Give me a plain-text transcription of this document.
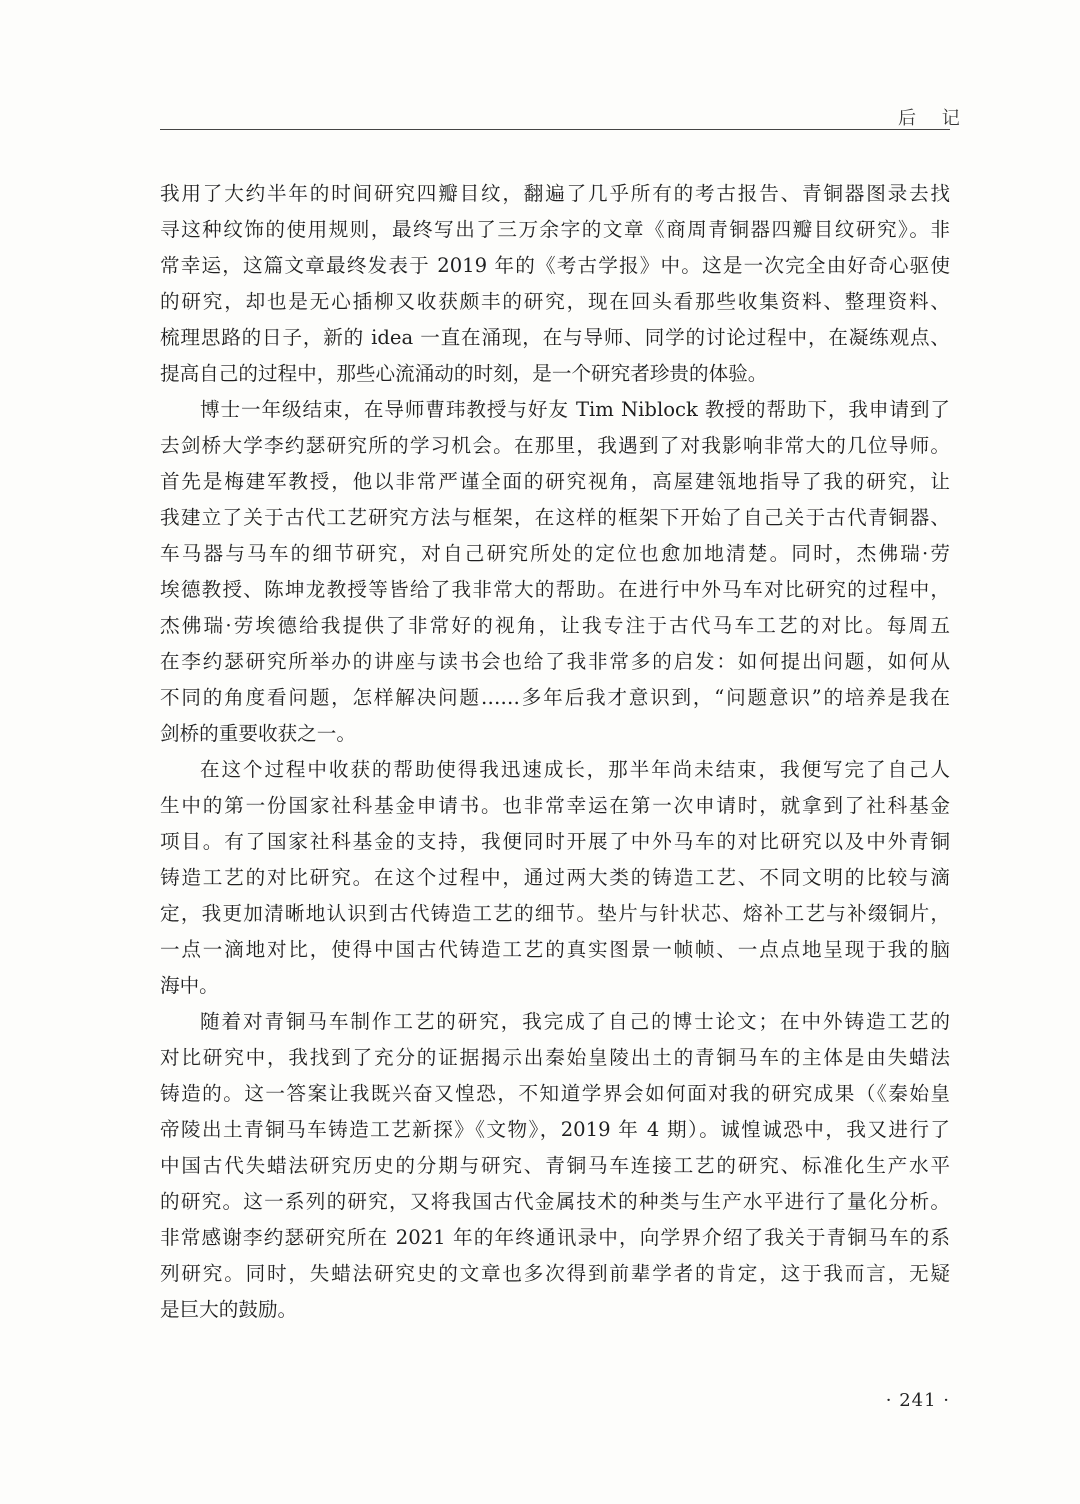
后 记
我用了大约半年的时间研究四瓣目纹，翻遍了几乎所有的考古报告、青铜器图录去找
寻这种纹饰的使用规则，最终写出了三万余字的文章《商周青铜器四瓣目纹研究》。非
常幸运，这篇文章最终发表于 2019 年的《考古学报》中。这是一次完全由好奇心驱使
的研究，却也是无心插柳又收获颇丰的研究，现在回头看那些收集资料、整理资料、
梳理思路的日子，新的 idea 一直在涌现，在与导师、同学的讨论过程中，在凝练观点、
提高自己的过程中，那些心流涌动的时刻，是一个研究者珍贵的体验。
博士一年级结束，在导师曹玮教授与好友 Tim Niblock 教授的帮助下，我申请到了
去剑桥大学李约瑟研究所的学习机会。在那里，我遇到了对我影响非常大的几位导师。
首先是梅建军教授，他以非常严谨全面的研究视角，高屋建瓴地指导了我的研究，让
我建立了关于古代工艺研究方法与框架，在这样的框架下开始了自己关于古代青铜器、
车马器与马车的细节研究，对自己研究所处的定位也愈加地清楚。同时，杰佛瑞·劳
埃德教授、陈坤龙教授等皆给了我非常大的帮助。在进行中外马车对比研究的过程中，
杰佛瑞·劳埃德给我提供了非常好的视角，让我专注于古代马车工艺的对比。每周五
在李约瑟研究所举办的讲座与读书会也给了我非常多的启发：如何提出问题，如何从
不同的角度看问题，怎样解决问题……多年后我才意识到，“问题意识”的培养是我在
剑桥的重要收获之一。
在这个过程中收获的帮助使得我迅速成长，那半年尚未结束，我便写完了自己人
生中的第一份国家社科基金申请书。也非常幸运在第一次申请时，就拿到了社科基金
项目。有了国家社科基金的支持，我便同时开展了中外马车的对比研究以及中外青铜
铸造工艺的对比研究。在这个过程中，通过两大类的铸造工艺、不同文明的比较与滴
定，我更加清晰地认识到古代铸造工艺的细节。垫片与针状芯、熔补工艺与补缀铜片，
一点一滴地对比，使得中国古代铸造工艺的真实图景一帧帧、一点点地呈现于我的脑
海中。
随着对青铜马车制作工艺的研究，我完成了自己的博士论文；在中外铸造工艺的
对比研究中，我找到了充分的证据揭示出秦始皇陵出土的青铜马车的主体是由失蜡法
铸造的。这一答案让我既兴奋又惶恐，不知道学界会如何面对我的研究成果（《秦始皇
帝陵出土青铜马车铸造工艺新探》《文物》，2019 年 4 期）。诚惶诚恐中，我又进行了
中国古代失蜡法研究历史的分期与研究、青铜马车连接工艺的研究、标准化生产水平
的研究。这一系列的研究，又将我国古代金属技术的种类与生产水平进行了量化分析。
非常感谢李约瑟研究所在 2021 年的年终通讯录中，向学界介绍了我关于青铜马车的系
列研究。同时，失蜡法研究史的文章也多次得到前辈学者的肯定，这于我而言，无疑
是巨大的鼓励。
· 241 ·
